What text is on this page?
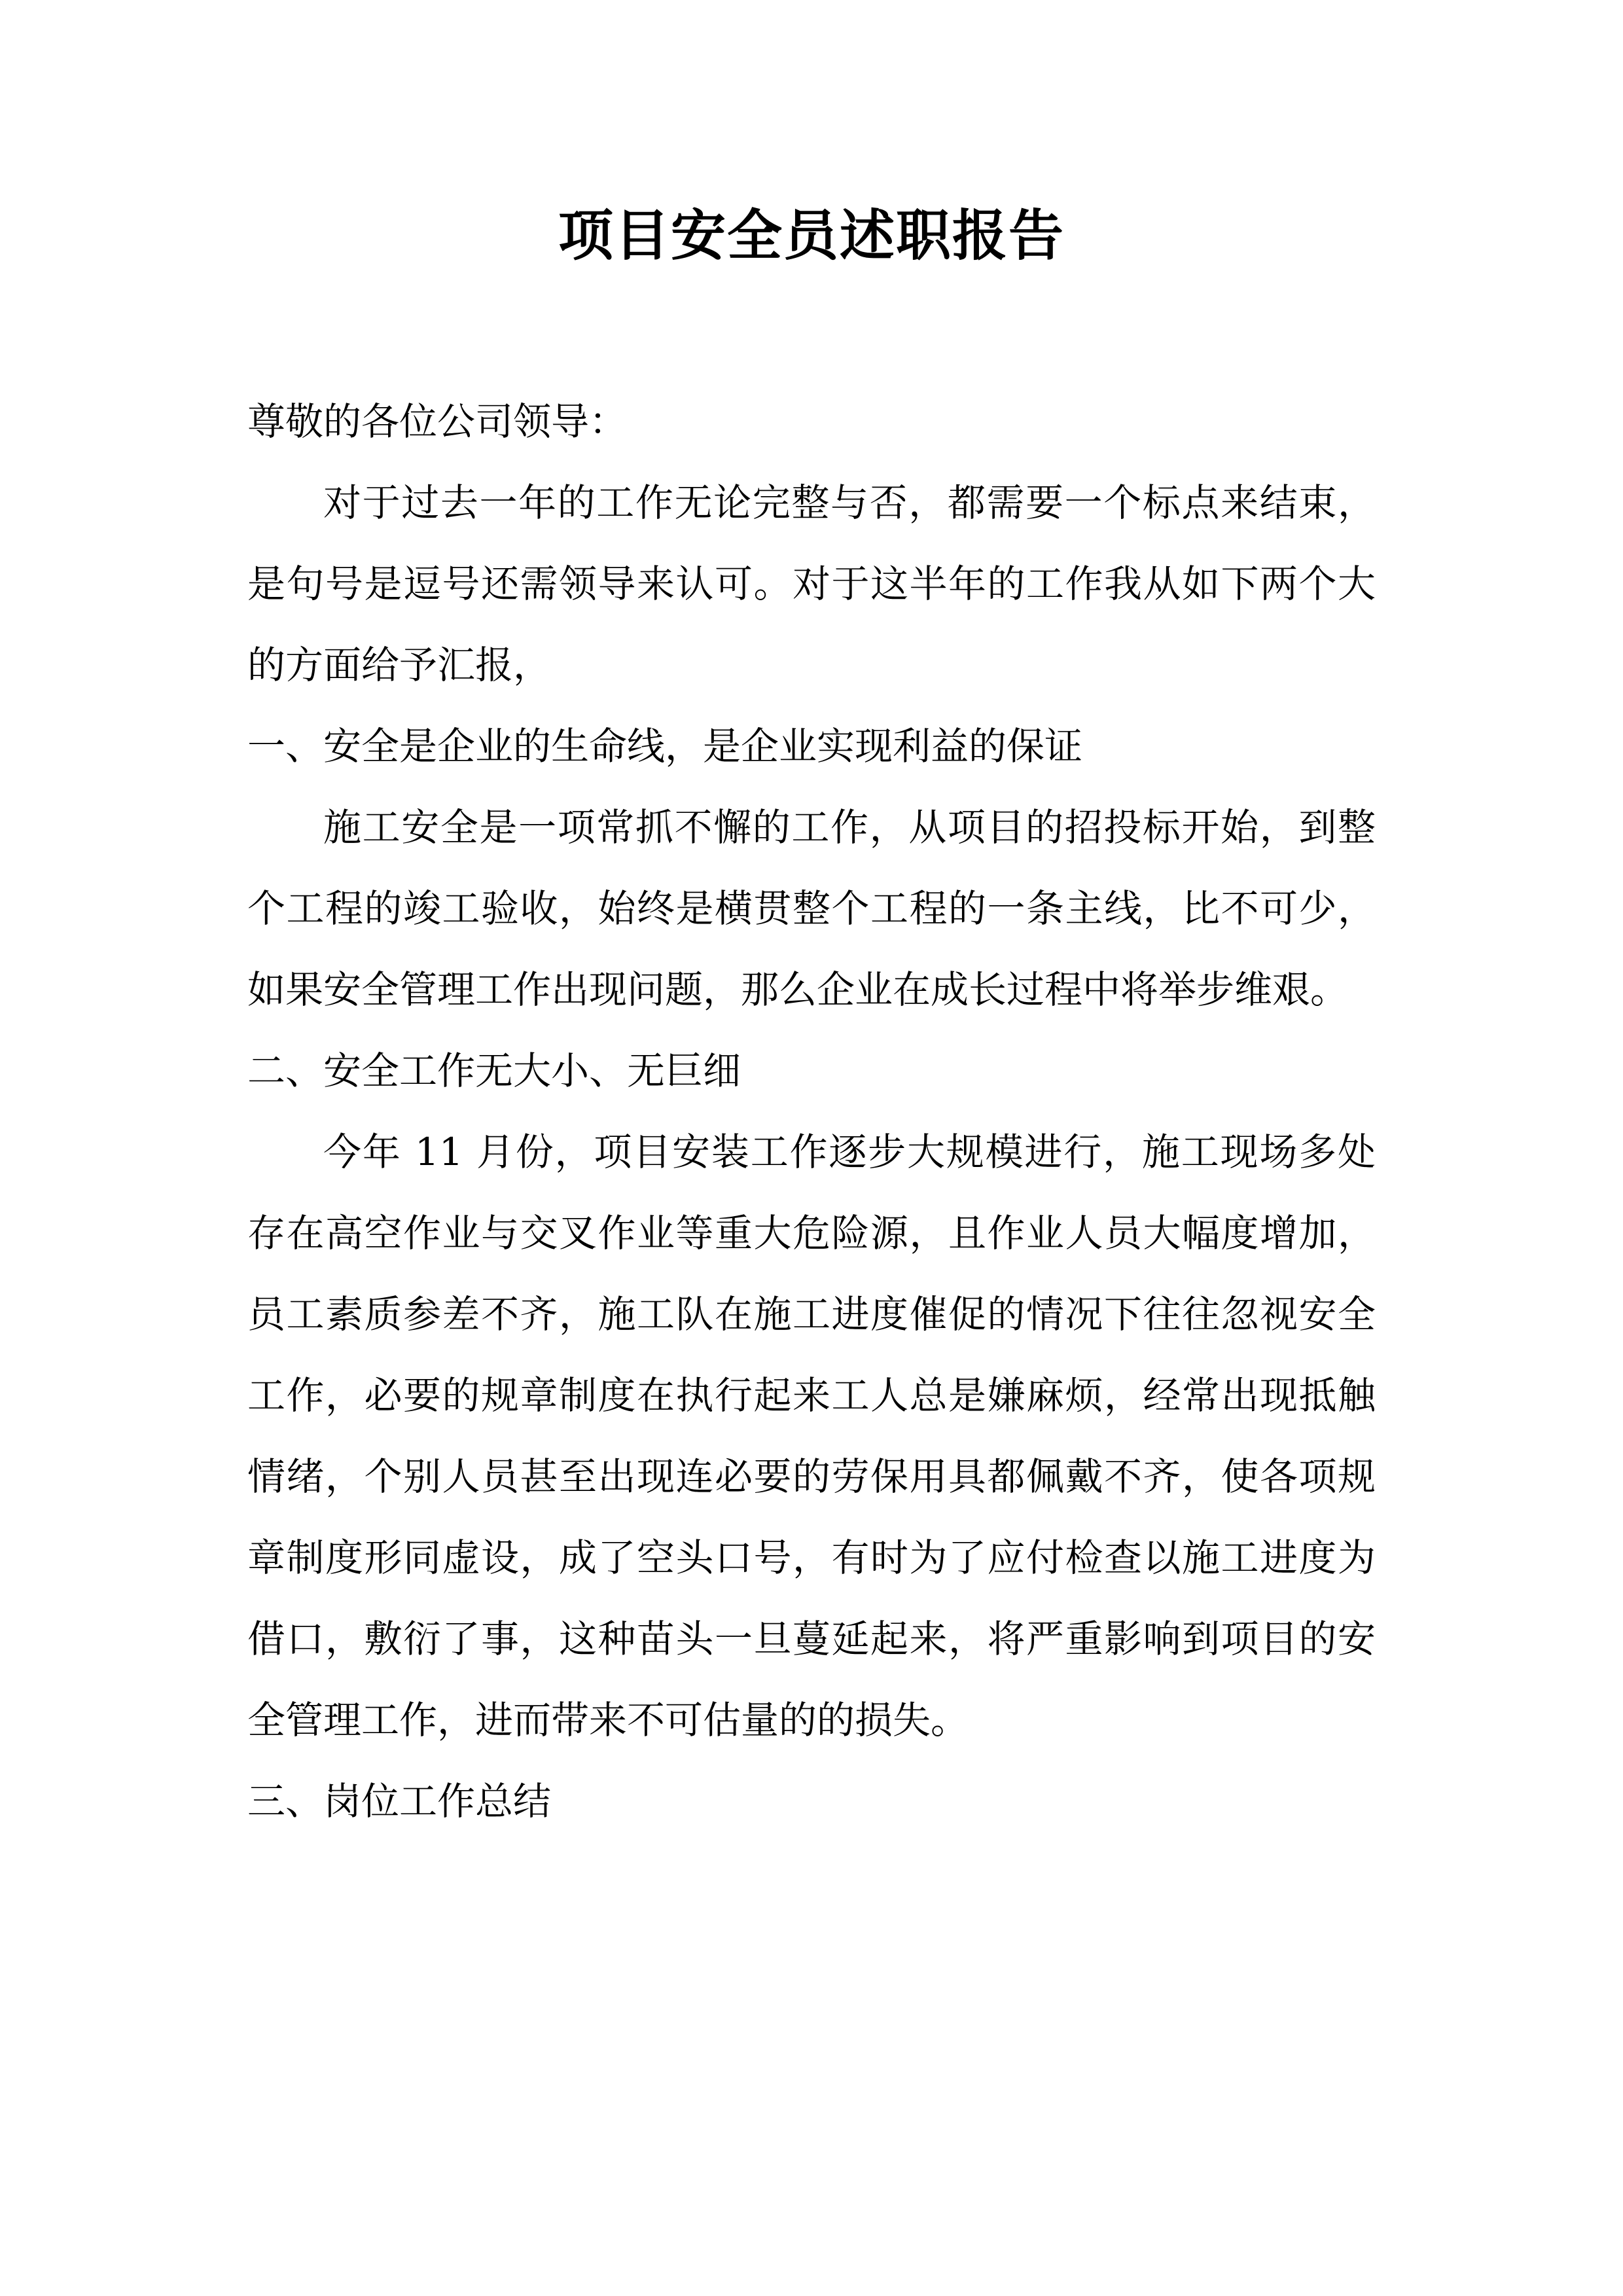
项目安全员述职报告

尊敬的各位公司领导：

对于过去一年的工作无论完整与否，都需要一个标点来结束，是句号是逗号还需领导来认可。对于这半年的工作我从如下两个大的方面给予汇报，

一、安全是企业的生命线，是企业实现利益的保证

施工安全是一项常抓不懈的工作，从项目的招投标开始，到整个工程的竣工验收，始终是横贯整个工程的一条主线，比不可少，如果安全管理工作出现问题，那么企业在成长过程中将举步维艰。

二、安全工作无大小、无巨细

今年 11 月份，项目安装工作逐步大规模进行，施工现场多处存在高空作业与交叉作业等重大危险源，且作业人员大幅度增加，员工素质参差不齐，施工队在施工进度催促的情况下往往忽视安全工作，必要的规章制度在执行起来工人总是嫌麻烦，经常出现抵触情绪，个别人员甚至出现连必要的劳保用具都佩戴不齐，使各项规章制度形同虚设，成了空头口号，有时为了应付检查以施工进度为借口，敷衍了事，这种苗头一旦蔓延起来，将严重影响到项目的安全管理工作，进而带来不可估量的的损失。

三、岗位工作总结
